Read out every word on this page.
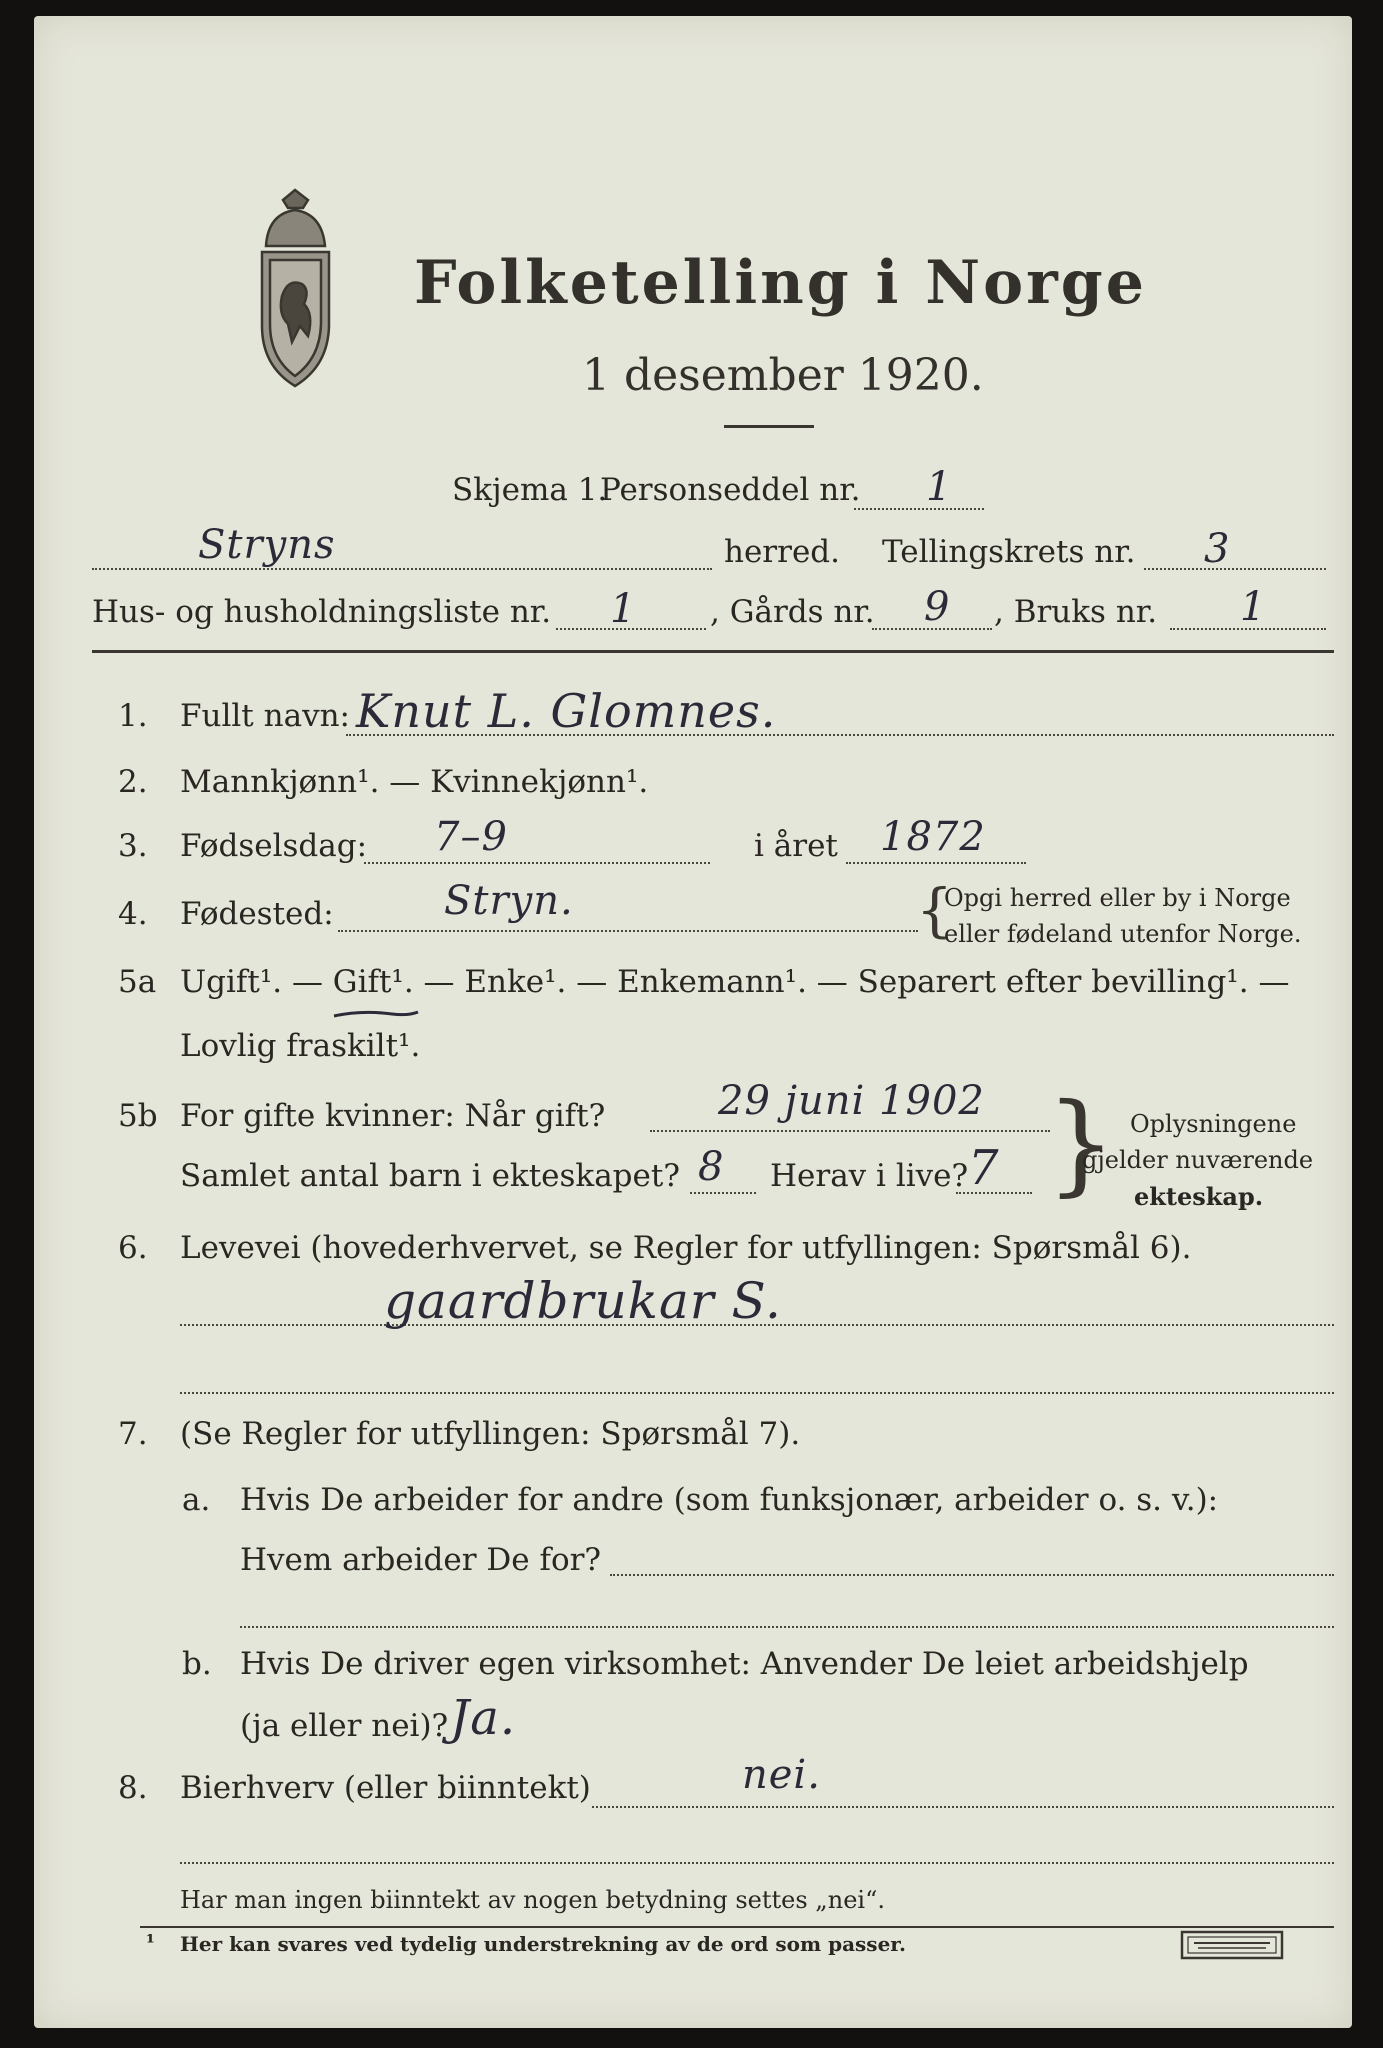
Folketelling i Norge
1 desember 1920.
Skjema 1.
Personseddel nr. 1
Stryns	herred. Tellingskrets nr. 3
Hus- og husholdningsliste nr. 1 , Gårds nr. 9 , Bruks nr. 1
1. Fullt navn: Knut L. Glomnes.
2. Mannkjønn¹. — Kvinnekjønn¹.
3. Fødselsdag: 7–9	i året 1872
4. Fødested:	Stryn.	{
Opgi herred eller by i Norge
eller fødeland utenfor Norge.
5a Ugift¹. — Gift¹. — Enke¹. — Enkemann¹. — Separert efter bevilling¹. —
Lovlig fraskilt¹.
5b For gifte kvinner: Når gift?	29 juni 1902
Samlet antal barn i ekteskapet? 8 Herav i live? 7 } Oplysningene
gjelder nuværende
ekteskap.
6. Levevei (hovederhvervet, se Regler for utfyllingen: Spørsmål 6).
gaardbrukar S.
7. (Se Regler for utfyllingen: Spørsmål 7).
a. Hvis De arbeider for andre (som funksjonær, arbeider o. s. v.):
Hvem arbeider De for?
b. Hvis De driver egen virksomhet: Anvender De leiet arbeidshjelp
(ja eller nei)? Ja.
8. Bierhverv (eller biinntekt)	nei.
Har man ingen biinntekt av nogen betydning settes „nei“.
¹ Her kan svares ved tydelig understrekning av de ord som passer.
